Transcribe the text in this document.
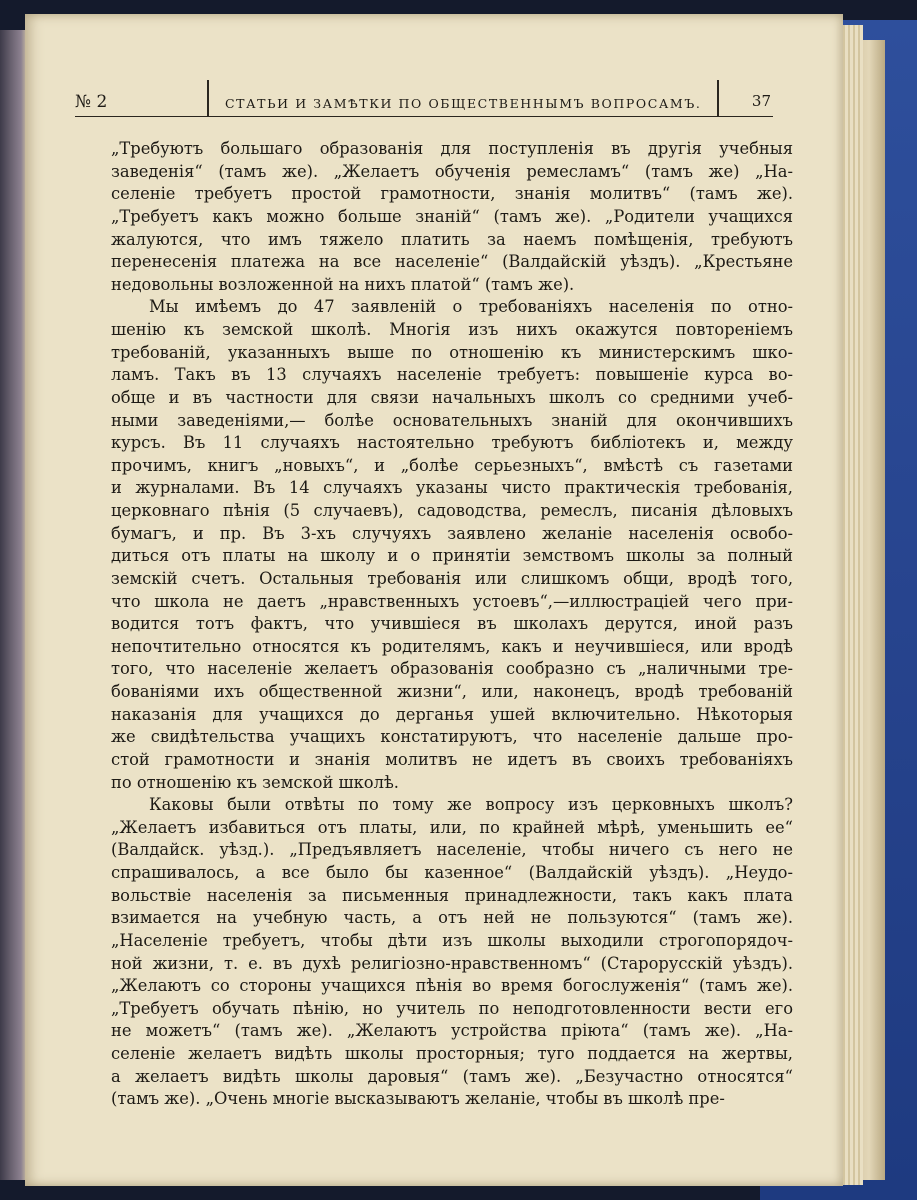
№ 2	СТАТЬИ И ЗАМѢТКИ ПО ОБЩЕСТВЕННЫМЪ ВОПРОСАМЪ.	37
„Требуютъ большаго образованія для поступленія въ другія учебныя
заведенія“ (тамъ же). „Желаетъ обученія ремесламъ“ (тамъ же) „На-
селеніе требуетъ простой грамотности, знанія молитвъ“ (тамъ же).
„Требуетъ какъ можно больше знаній“ (тамъ же). „Родители учащихся
жалуются, что имъ тяжело платить за наемъ помѣщенія, требуютъ
перенесенія платежа на все населеніе“ (Валдайскій уѣздъ). „Крестьяне
недовольны возложенной на нихъ платой“ (тамъ же).
Мы имѣемъ до 47 заявленій о требованіяхъ населенія по отно-
шенію къ земской школѣ. Многія изъ нихъ окажутся повтореніемъ
требованій, указанныхъ выше по отношенію къ министерскимъ шко-
ламъ. Такъ въ 13 случаяхъ населеніе требуетъ: повышеніе курса во-
обще и въ частности для связи начальныхъ школъ со средними учеб-
ными заведеніями,— болѣе основательныхъ знаній для окончившихъ
курсъ. Въ 11 случаяхъ настоятельно требуютъ библіотекъ и, между
прочимъ, книгъ „новыхъ“, и „болѣе серьезныхъ“, вмѣстѣ съ газетами
и журналами. Въ 14 случаяхъ указаны чисто практическія требованія,
церковнаго пѣнія (5 случаевъ), садоводства, ремеслъ, писанія дѣловыхъ
бумагъ, и пр. Въ 3-хъ случуяхъ заявлено желаніе населенія освобо-
диться отъ платы на школу и о принятіи земствомъ школы за полный
земскій счетъ. Остальныя требованія или слишкомъ общи, вродѣ того,
что школа не даетъ „нравственныхъ устоевъ“,—иллюстраціей чего при-
водится тотъ фактъ, что учившіеся въ школахъ дерутся, иной разъ
непочтительно относятся къ родителямъ, какъ и неучившіеся, или вродѣ
того, что населеніе желаетъ образованія сообразно съ „наличными тре-
бованіями ихъ общественной жизни“, или, наконецъ, вродѣ требованій
наказанія для учащихся до дерганья ушей включительно. Нѣкоторыя
же свидѣтельства учащихъ констатируютъ, что населеніе дальше про-
стой грамотности и знанія молитвъ не идетъ въ своихъ требованіяхъ
по отношенію къ земской школѣ.
Каковы были отвѣты по тому же вопросу изъ церковныхъ школъ?
„Желаетъ избавиться отъ платы, или, по крайней мѣрѣ, уменьшить ее“
(Валдайск. уѣзд.). „Предъявляетъ населеніе, чтобы ничего съ него не
спрашивалось, а все было бы казенное“ (Валдайскій уѣздъ). „Неудо-
вольствіе населенія за письменныя принадлежности, такъ какъ плата
взимается на учебную часть, а отъ ней не пользуются“ (тамъ же).
„Населеніе требуетъ, чтобы дѣти изъ школы выходили строгопорядоч-
ной жизни, т. е. въ духѣ религіозно-нравственномъ“ (Старорусскій уѣздъ).
„Желаютъ со стороны учащихся пѣнія во время богослуженія“ (тамъ же).
„Требуетъ обучать пѣнію, но учитель по неподготовленности вести его
не можетъ“ (тамъ же). „Желаютъ устройства пріюта“ (тамъ же). „На-
селеніе желаетъ видѣть школы просторныя; туго поддается на жертвы,
а желаетъ видѣть школы даровыя“ (тамъ же). „Безучастно относятся“
(тамъ же). „Очень многіе высказываютъ желаніе, чтобы въ школѣ пре-
